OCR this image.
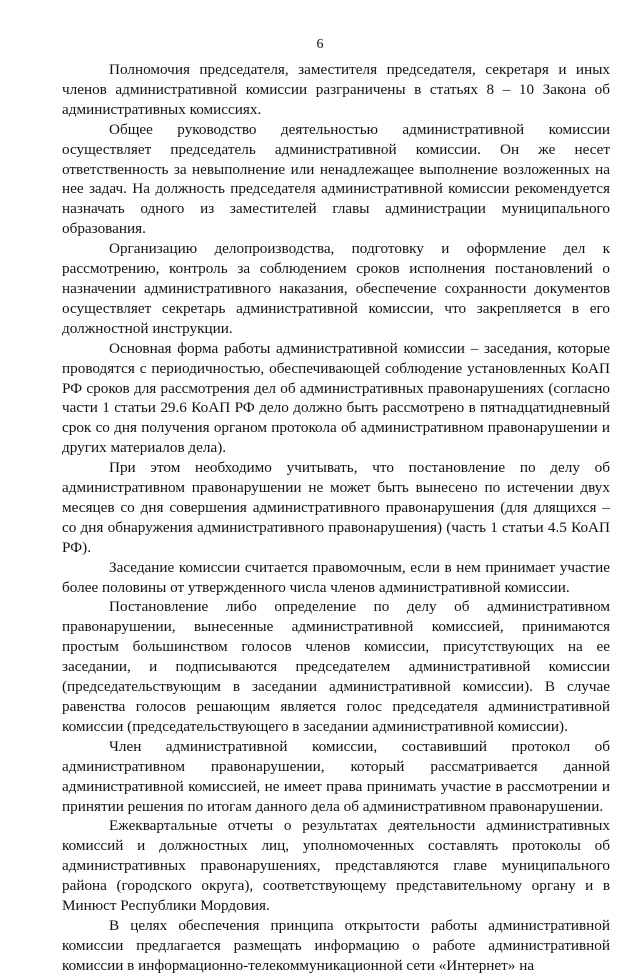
6

Полномочия председателя, заместителя председателя, секретаря и иных членов административной комиссии разграничены в статьях 8 – 10 Закона об административных комиссиях.

Общее руководство деятельностью административной комиссии осуществляет председатель административной комиссии. Он же несет ответственность за невыполнение или ненадлежащее выполнение возложенных на нее задач. На должность председателя административной комиссии рекомендуется назначать одного из заместителей главы администрации муниципального образования.

Организацию делопроизводства, подготовку и оформление дел к рассмотрению, контроль за соблюдением сроков исполнения постановлений о назначении административного наказания, обеспечение сохранности документов осуществляет секретарь административной комиссии, что закрепляется в его должностной инструкции.

Основная форма работы административной комиссии – заседания, которые проводятся с периодичностью, обеспечивающей соблюдение установленных КоАП РФ сроков для рассмотрения дел об административных правонарушениях (согласно части 1 статьи 29.6 КоАП РФ дело должно быть рассмотрено в пятнадцатидневный срок со дня получения органом протокола об административном правонарушении и других материалов дела).

При этом необходимо учитывать, что постановление по делу об административном правонарушении не может быть вынесено по истечении двух месяцев со дня совершения административного правонарушения (для длящихся – со дня обнаружения административного правонарушения) (часть 1 статьи 4.5 КоАП РФ).

Заседание комиссии считается правомочным, если в нем принимает участие более половины от утвержденного числа членов административной комиссии.

Постановление либо определение по делу об административном правонарушении, вынесенные административной комиссией, принимаются простым большинством голосов членов комиссии, присутствующих на ее заседании, и подписываются председателем административной комиссии (председательствующим в заседании административной комиссии). В случае равенства голосов решающим является голос председателя административной комиссии (председательствующего в заседании административной комиссии).

Член административной комиссии, составивший протокол об административном правонарушении, который рассматривается данной административной комиссией, не имеет права принимать участие в рассмотрении и принятии решения по итогам данного дела об административном правонарушении.

Ежеквартальные отчеты о результатах деятельности административных комиссий и должностных лиц, уполномоченных составлять протоколы об административных правонарушениях, представляются главе муниципального района (городского округа), соответствующему представительному органу и в Минюст Республики Мордовия.

В целях обеспечения принципа открытости работы административной комиссии предлагается размещать информацию о работе административной комиссии в информационно-телекоммуникационной сети «Интернет» на
